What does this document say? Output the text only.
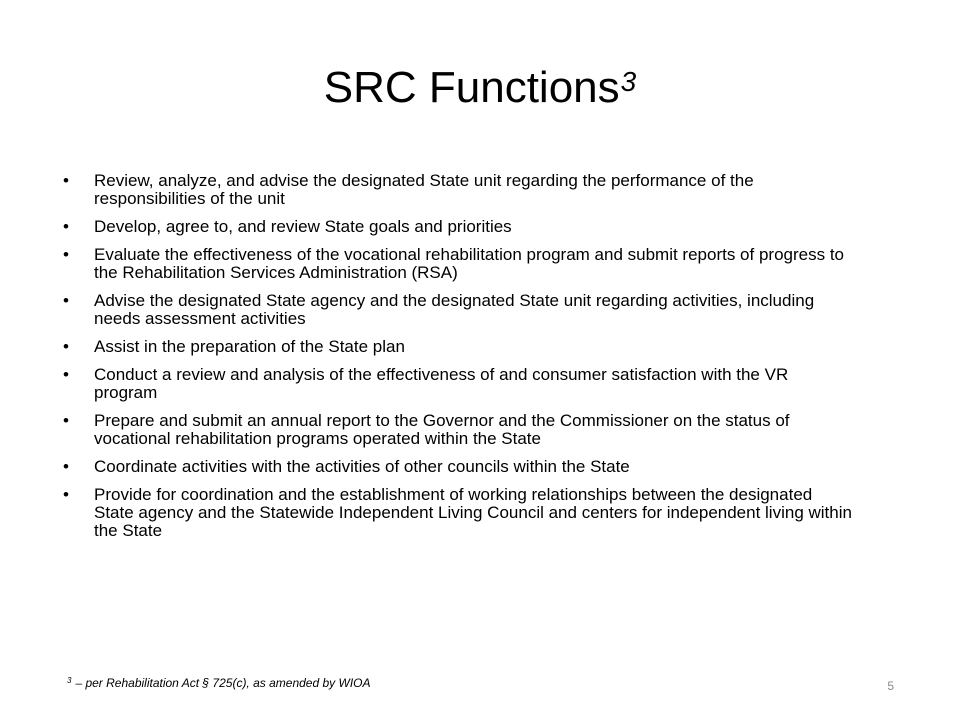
SRC Functions$^3$
• Review, analyze, and advise the designated State unit regarding the performance of the responsibilities of the unit
• Develop, agree to, and review State goals and priorities
• Evaluate the effectiveness of the vocational rehabilitation program and submit reports of progress to the Rehabilitation Services Administration (RSA)
• Advise the designated State agency and the designated State unit regarding activities, including needs assessment activities
• Assist in the preparation of the State plan
• Conduct a review and analysis of the effectiveness of and consumer satisfaction with the VR program
• Prepare and submit an annual report to the Governor and the Commissioner on the status of vocational rehabilitation programs operated within the State
• Coordinate activities with the activities of other councils within the State
• Provide for coordination and the establishment of working relationships between the designated State agency and the Statewide Independent Living Council and centers for independent living within the State
$^3$ – per Rehabilitation Act § 725(c), as amended by WIOA	5
